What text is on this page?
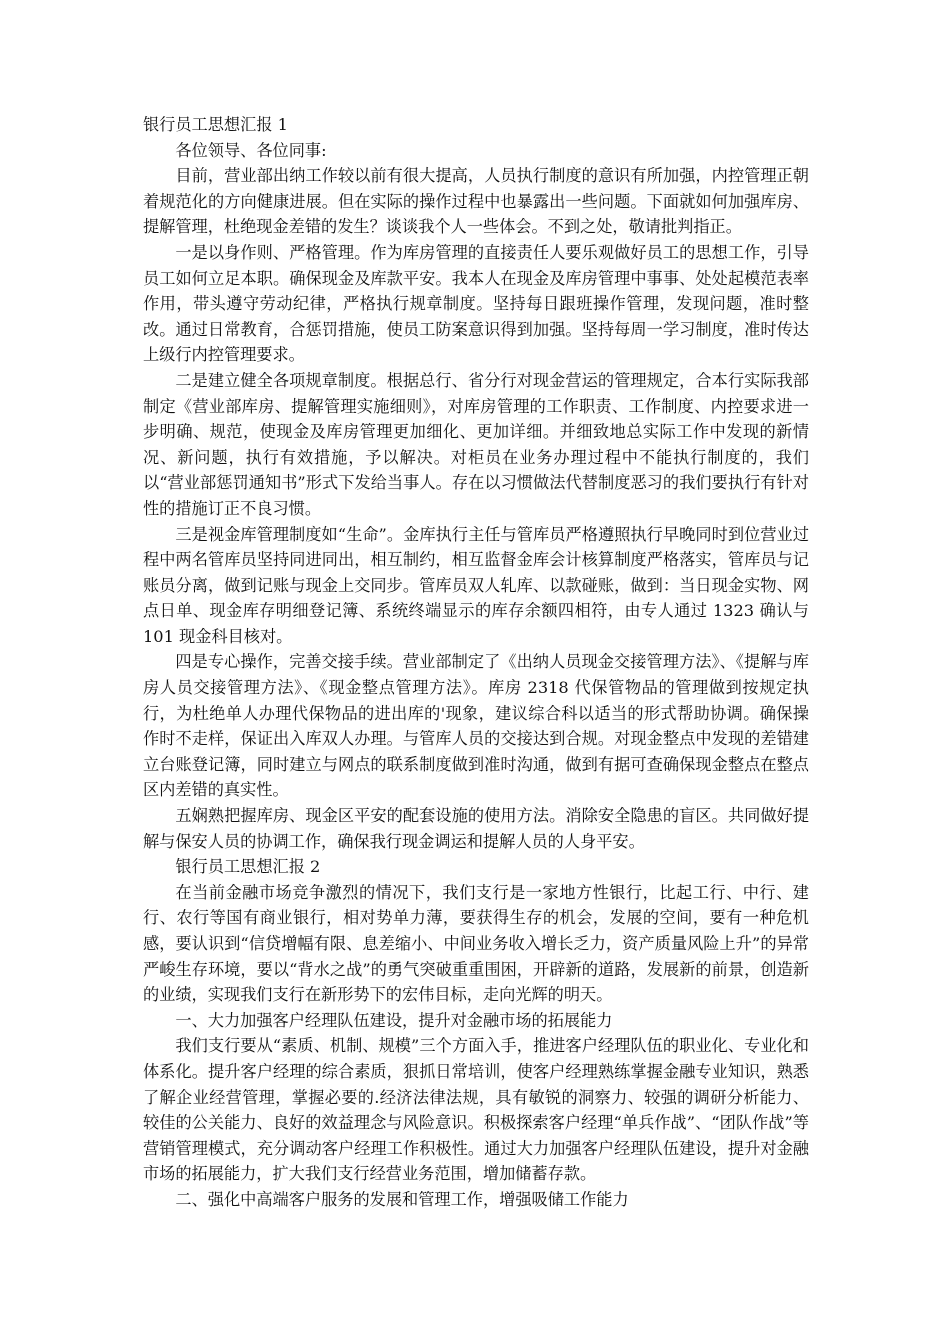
银行员工思想汇报 1

各位领导、各位同事:

目前，营业部出纳工作较以前有很大提高，人员执行制度的意识有所加强，内控管理正朝着规范化的方向健康进展。但在实际的操作过程中也暴露出一些问题。下面就如何加强库房、提解管理，杜绝现金差错的发生？谈谈我个人一些体会。不到之处，敬请批判指正。

一是以身作则、严格管理。作为库房管理的直接责任人要乐观做好员工的思想工作，引导员工如何立足本职。确保现金及库款平安。我本人在现金及库房管理中事事、处处起模范表率作用，带头遵守劳动纪律，严格执行规章制度。坚持每日跟班操作管理，发现问题，准时整改。通过日常教育，合惩罚措施，使员工防案意识得到加强。坚持每周一学习制度，准时传达上级行内控管理要求。

二是建立健全各项规章制度。根据总行、省分行对现金营运的管理规定，合本行实际我部制定《营业部库房、提解管理实施细则》，对库房管理的工作职责、工作制度、内控要求进一步明确、规范，使现金及库房管理更加细化、更加详细。并细致地总实际工作中发现的新情况、新问题，执行有效措施，予以解决。对柜员在业务办理过程中不能执行制度的，我们以“营业部惩罚通知书”形式下发给当事人。存在以习惯做法代替制度恶习的我们要执行有针对性的措施订正不良习惯。

三是视金库管理制度如“生命”。金库执行主任与管库员严格遵照执行早晚同时到位营业过程中两名管库员坚持同进同出，相互制约，相互监督金库会计核算制度严格落实，管库员与记账员分离，做到记账与现金上交同步。管库员双人轧库、以款碰账，做到：当日现金实物、网点日单、现金库存明细登记簿、系统终端显示的库存余额四相符，由专人通过 1323 确认与 101 现金科目核对。

四是专心操作，完善交接手续。营业部制定了《出纳人员现金交接管理方法》、《提解与库房人员交接管理方法》、《现金整点管理方法》。库房 2318 代保管物品的管理做到按规定执行，为杜绝单人办理代保物品的进出库的'现象，建议综合科以适当的形式帮助协调。确保操作时不走样，保证出入库双人办理。与管库人员的交接达到合规。对现金整点中发现的差错建立台账登记簿，同时建立与网点的联系制度做到准时沟通，做到有据可查确保现金整点在整点区内差错的真实性。

五娴熟把握库房、现金区平安的配套设施的使用方法。消除安全隐患的盲区。共同做好提解与保安人员的协调工作，确保我行现金调运和提解人员的人身平安。

银行员工思想汇报 2

在当前金融市场竞争激烈的情况下，我们支行是一家地方性银行，比起工行、中行、建行、农行等国有商业银行，相对势单力薄，要获得生存的机会，发展的空间，要有一种危机感，要认识到“信贷增幅有限、息差缩小、中间业务收入增长乏力，资产质量风险上升”的异常严峻生存环境，要以“背水之战”的勇气突破重重围困，开辟新的道路，发展新的前景，创造新的业绩，实现我们支行在新形势下的宏伟目标，走向光辉的明天。

一、大力加强客户经理队伍建设，提升对金融市场的拓展能力

我们支行要从“素质、机制、规模”三个方面入手，推进客户经理队伍的职业化、专业化和体系化。提升客户经理的综合素质，狠抓日常培训，使客户经理熟练掌握金融专业知识，熟悉了解企业经营管理，掌握必要的.经济法律法规，具有敏锐的洞察力、较强的调研分析能力、较佳的公关能力、良好的效益理念与风险意识。积极探索客户经理“单兵作战”、“团队作战”等营销管理模式，充分调动客户经理工作积极性。通过大力加强客户经理队伍建设，提升对金融市场的拓展能力，扩大我们支行经营业务范围，增加储蓄存款。

二、强化中高端客户服务的发展和管理工作，增强吸储工作能力
